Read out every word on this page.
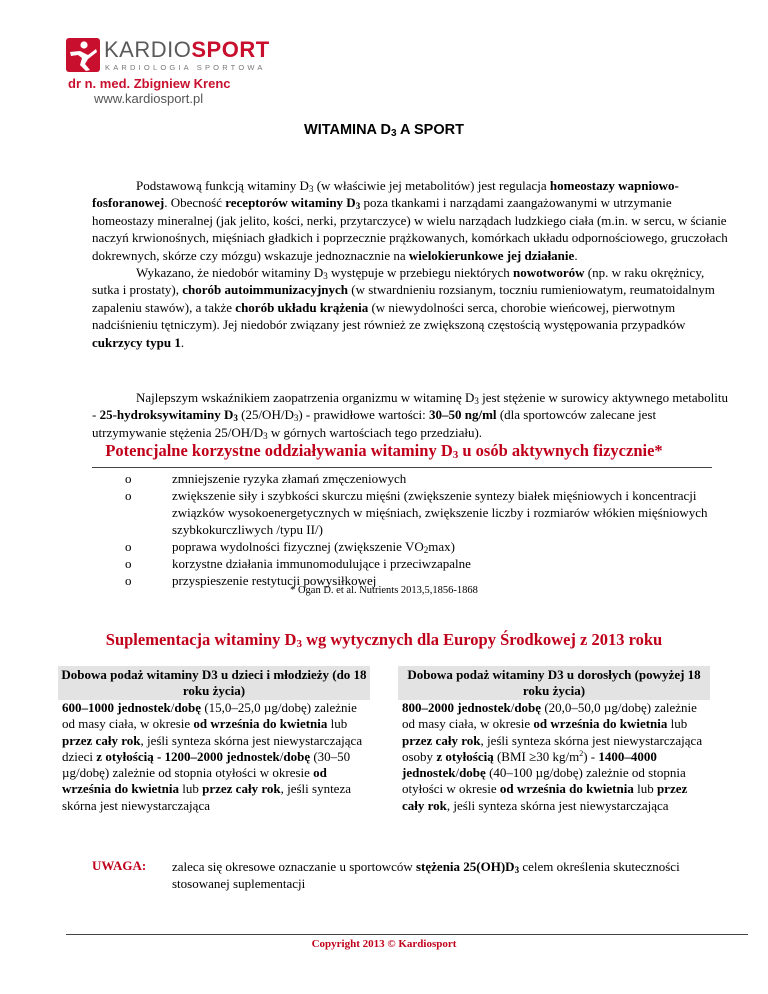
KARDIOSPORT
KARDIOLOGIA SPORTOWA
dr n. med. Zbigniew Krenc
www.kardiosport.pl
WITAMINA $D_3$ A SPORT

Podstawową funkcją witaminy $D_3$ (w właściwie jej metabolitów) jest regulacja homeostazy wapniowo-fosforanowej. Obecność receptorów witaminy $D_3$ poza tkankami i narządami zaangażowanymi w utrzymanie homeostazy mineralnej (jak jelito, kości, nerki, przytarczyce) w wielu narządach ludzkiego ciała (m.in. w sercu, w ścianie naczyń krwionośnych, mięśniach gładkich i poprzecznie prążkowanych, komórkach układu odpornościowego, gruczołach dokrewnych, skórze czy mózgu) wskazuje jednoznacznie na wielokierunkowe jej działanie.

Wykazano, że niedobór witaminy $D_3$ występuje w przebiegu niektórych nowotworów (np. w raku okrężnicy, sutka i prostaty), chorób autoimmunizacyjnych (w stwardnieniu rozsianym, toczniu rumieniowatym, reumatoidalnym zapaleniu stawów), a także chorób układu krążenia (w niewydolności serca, chorobie wieńcowej, pierwotnym nadciśnieniu tętniczym). Jej niedobór związany jest również ze zwiększoną częstością występowania przypadków cukrzycy typu 1.

Najlepszym wskaźnikiem zaopatrzenia organizmu w witaminę $D_3$ jest stężenie w surowicy aktywnego metabolitu - 25-hydroksywitaminy $D_3$ $(25/OH/D_3)$ - prawidłowe wartości: 30–50 ng/ml (dla sportowców zalecane jest utrzymywanie stężenia $25/OH/D_3$ w górnych wartościach tego przedziału).

Potencjalne korzystne oddziaływania witaminy $D_3$ u osób aktywnych fizycznie*
o	zmniejszenie ryzyka złamań zmęczeniowych
o	zwiększenie siły i szybkości skurczu mięśni (zwiększenie syntezy białek mięśniowych i koncentracji związków wysokoenergetycznych w mięśniach, zwiększenie liczby i rozmiarów włókien mięśniowych szybkokurczliwych /typu II/)
o	poprawa wydolności fizycznej (zwiększenie $VO_2\max$)
o	korzystne działania immunomodulujące i przeciwzapalne
o	przyspieszenie restytucji powysiłkowej
* Ogan D. et al. Nutrients 2013,5,1856-1868
Suplementacja witaminy $D_3$ wg wytycznych dla Europy Środkowej z 2013 roku
Dobowa podaż witaminy D3 u dzieci i młodzieży (do 18 roku życia)
600–1000 jednostek/dobę (15,0–25,0 µg/dobę) zależnie od masy ciała, w okresie od września do kwietnia lub przez cały rok, jeśli synteza skórna jest niewystarczająca
dzieci z otyłością - 1200–2000 jednostek/dobę (30–50 µg/dobę) zależnie od stopnia otyłości w okresie od września do kwietnia lub przez cały rok, jeśli synteza skórna jest niewystarczająca
Dobowa podaż witaminy D3 u dorosłych (powyżej 18 roku życia)
800–2000 jednostek/dobę (20,0–50,0 µg/dobę) zależnie od masy ciała, w okresie od września do kwietnia lub przez cały rok, jeśli synteza skórna jest niewystarczająca
osoby z otyłością (BMI ≥30 $kg/m^2) - 1400-4000$ jednostek/dobę (40–100 µg/dobę) zależnie od stopnia otyłości w okresie od września do kwietnia lub przez cały rok, jeśli synteza skórna jest niewystarczająca
UWAGA: zaleca się okresowe oznaczanie u sportowców stężenia $25(OH)D_3$ celem określenia skuteczności stosowanej suplementacji
Copyright 2013 © Kardiosport
